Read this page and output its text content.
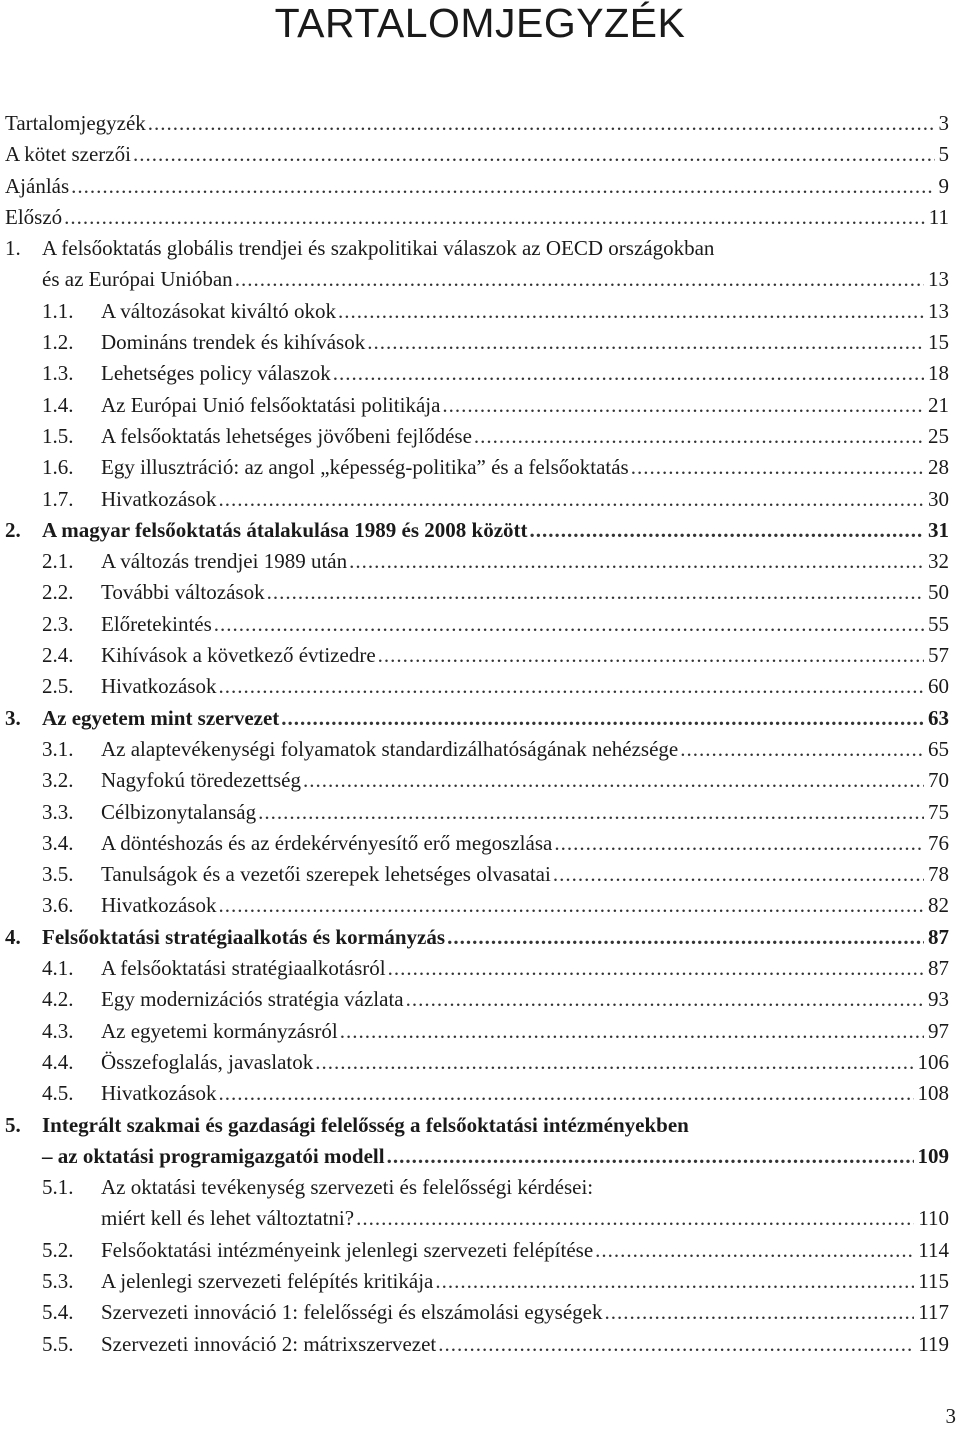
TARTALOMJEGYZÉK
Tartalomjegyzék .....	3
A kötet szerzői .....	5
Ajánlás .....	9
Előszó .....	11
1.	A felsőoktatás globális trendjei és szakpolitikai válaszok az OECD országokban
és az Európai Unióban .....	13
1.1.	A változásokat kiváltó okok .....	13
1.2.	Domináns trendek és kihívások .....	15
1.3.	Lehetséges policy válaszok .....	18
1.4.	Az Európai Unió felsőoktatási politikája .....	21
1.5.	A felsőoktatás lehetséges jövőbeni fejlődése .....	25
1.6.	Egy illusztráció: az angol „képesség-politika” és a felsőoktatás .....	28
1.7.	Hivatkozások .....	30
2.	A magyar felsőoktatás átalakulása 1989 és 2008 között .....	31
2.1.	A változás trendjei 1989 után .....	32
2.2.	További változások .....	50
2.3.	Előretekintés .....	55
2.4.	Kihívások a következő évtizedre .....	57
2.5.	Hivatkozások .....	60
3.	Az egyetem mint szervezet .....	63
3.1.	Az alaptevékenységi folyamatok standardizálhatóságának nehézsége .....	65
3.2.	Nagyfokú töredezettség .....	70
3.3.	Célbizonytalanság .....	75
3.4.	A döntéshozás és az érdekérvényesítő erő megoszlása .....	76
3.5.	Tanulságok és a vezetői szerepek lehetséges olvasatai .....	78
3.6.	Hivatkozások .....	82
4.	Felsőoktatási stratégiaalkotás és kormányzás .....	87
4.1.	A felsőoktatási stratégiaalkotásról .....	87
4.2.	Egy modernizációs stratégia vázlata .....	93
4.3.	Az egyetemi kormányzásról .....	97
4.4.	Összefoglalás, javaslatok .....	106
4.5.	Hivatkozások .....	108
5.	Integrált szakmai és gazdasági felelősség a felsőoktatási intézményekben
– az oktatási programigazgatói modell .....	109
5.1.	Az oktatási tevékenység szervezeti és felelősségi kérdései:
miért kell és lehet változtatni? .....	110
5.2.	Felsőoktatási intézményeink jelenlegi szervezeti felépítése .....	114
5.3.	A jelenlegi szervezeti felépítés kritikája .....	115
5.4.	Szervezeti innováció 1: felelősségi és elszámolási egységek .....	117
5.5.	Szervezeti innováció 2: mátrixszervezet .....	119
3
